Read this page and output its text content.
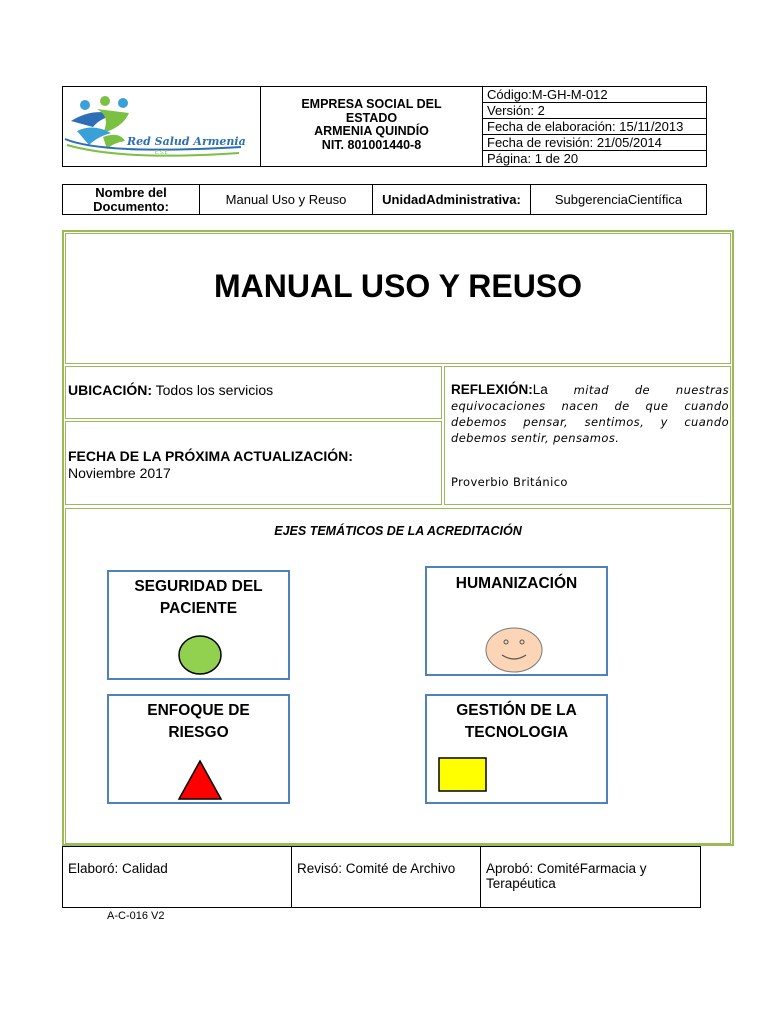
Red Salud Armenia
E.S.E
EMPRESA SOCIAL DEL
ESTADO
ARMENIA QUINDÍO
NIT. 801001440-8
Código:M-GH-M-012
Versión: 2
Fecha de elaboración: 15/11/2013
Fecha de revisión: 21/05/2014
Página: 1 de 20
Nombre del Documento:	Manual Uso y Reuso	UnidadAdministrativa:	SubgerenciaCientífica
MANUAL USO Y REUSO
UBICACIÓN: Todos los servicios
FECHA DE LA PRÓXIMA ACTUALIZACIÓN:
Noviembre 2017
REFLEXIÓN:La mitad de nuestras equivocaciones nacen de que cuando debemos pensar, sentimos, y cuando debemos sentir, pensamos.
Proverbio Británico
EJES TEMÁTICOS DE LA ACREDITACIÓN
SEGURIDAD DEL
PACIENTE
HUMANIZACIÓN
ENFOQUE DE
RIESGO
GESTIÓN DE LA
TECNOLOGIA
Elaboró: Calidad	Revisó: Comité de Archivo	Aprobó: ComitéFarmacia y Terapéutica
A-C-016 V2
